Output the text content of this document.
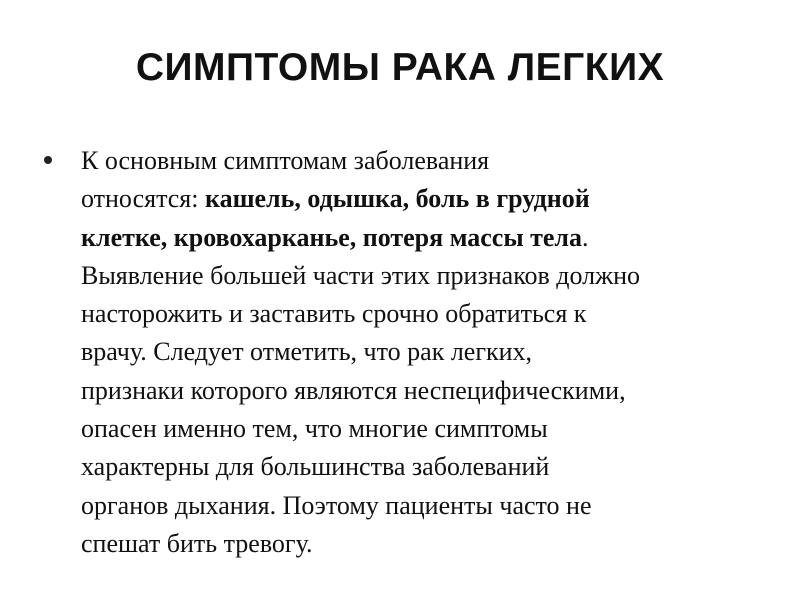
СИМПТОМЫ РАКА ЛЕГКИХ
К основным симптомам заболевания
относятся: кашель, одышка, боль в грудной
клетке, кровохарканье, потеря массы тела.
Выявление большей части этих признаков должно
насторожить и заставить срочно обратиться к
врачу. Следует отметить, что рак легких,
признаки которого являются неспецифическими,
опасен именно тем, что многие симптомы
характерны для большинства заболеваний
органов дыхания. Поэтому пациенты часто не
спешат бить тревогу.
